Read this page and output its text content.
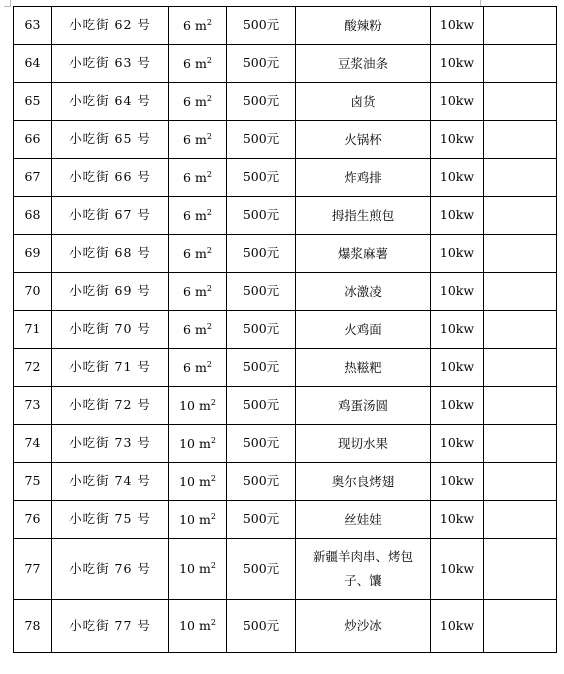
63	小吃街 62 号	6 $m^2$	500元	酸辣粉	10kw	
64	小吃街 63 号	6 $m^2$	500元	豆浆油条	10kw	
65	小吃街 64 号	6 $m^2$	500元	卤货	10kw	
66	小吃街 65 号	6 $m^2$	500元	火锅杯	10kw	
67	小吃街 66 号	6 $m^2$	500元	炸鸡排	10kw	
68	小吃街 67 号	6 $m^2$	500元	拇指生煎包	10kw	
69	小吃街 68 号	6 $m^2$	500元	爆浆麻薯	10kw	
70	小吃街 69 号	6 $m^2$	500元	冰激凌	10kw	
71	小吃街 70 号	6 $m^2$	500元	火鸡面	10kw	
72	小吃街 71 号	6 $m^2$	500元	热糍粑	10kw	
73	小吃街 72 号	10 $m^2$	500元	鸡蛋汤圆	10kw	
74	小吃街 73 号	10 $m^2$	500元	现切水果	10kw	
75	小吃街 74 号	10 $m^2$	500元	奥尔良烤翅	10kw	
76	小吃街 75 号	10 $m^2$	500元	丝娃娃	10kw	
77	小吃街 76 号	10 $m^2$	500元	新疆羊肉串、烤包子、馕	10kw	
78	小吃街 77 号	10 $m^2$	500元	炒沙冰	10kw	
